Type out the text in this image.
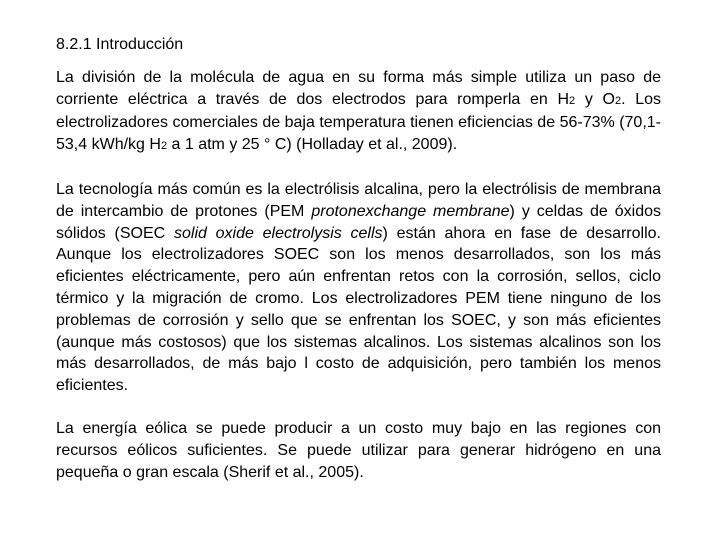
8.2.1 Introducción

La división de la molécula de agua en su forma más simple utiliza un paso de corriente eléctrica a través de dos electrodos para romperla en H2 y O2. Los electrolizadores comerciales de baja temperatura tienen eficiencias de 56-73% (70,1-53,4 kWh/kg H2 a 1 atm y 25 ° C) (Holladay et al., 2009).

La tecnología más común es la electrólisis alcalina, pero la electrólisis de membrana de intercambio de protones (PEM protonexchange membrane) y celdas de óxidos sólidos (SOEC solid oxide electrolysis cells) están ahora en fase de desarrollo. Aunque los electrolizadores SOEC son los menos desarrollados, son los más eficientes eléctricamente, pero aún enfrentan retos con la corrosión, sellos, ciclo térmico y la migración de cromo. Los electrolizadores PEM tiene ninguno de los problemas de corrosión y sello que se enfrentan los SOEC, y son más eficientes (aunque más costosos) que los sistemas alcalinos. Los sistemas alcalinos son los más desarrollados, de más bajo l costo de adquisición, pero también los menos eficientes.

La energía eólica se puede producir a un costo muy bajo en las regiones con recursos eólicos suficientes. Se puede utilizar para generar hidrógeno en una pequeña o gran escala (Sherif et al., 2005).
